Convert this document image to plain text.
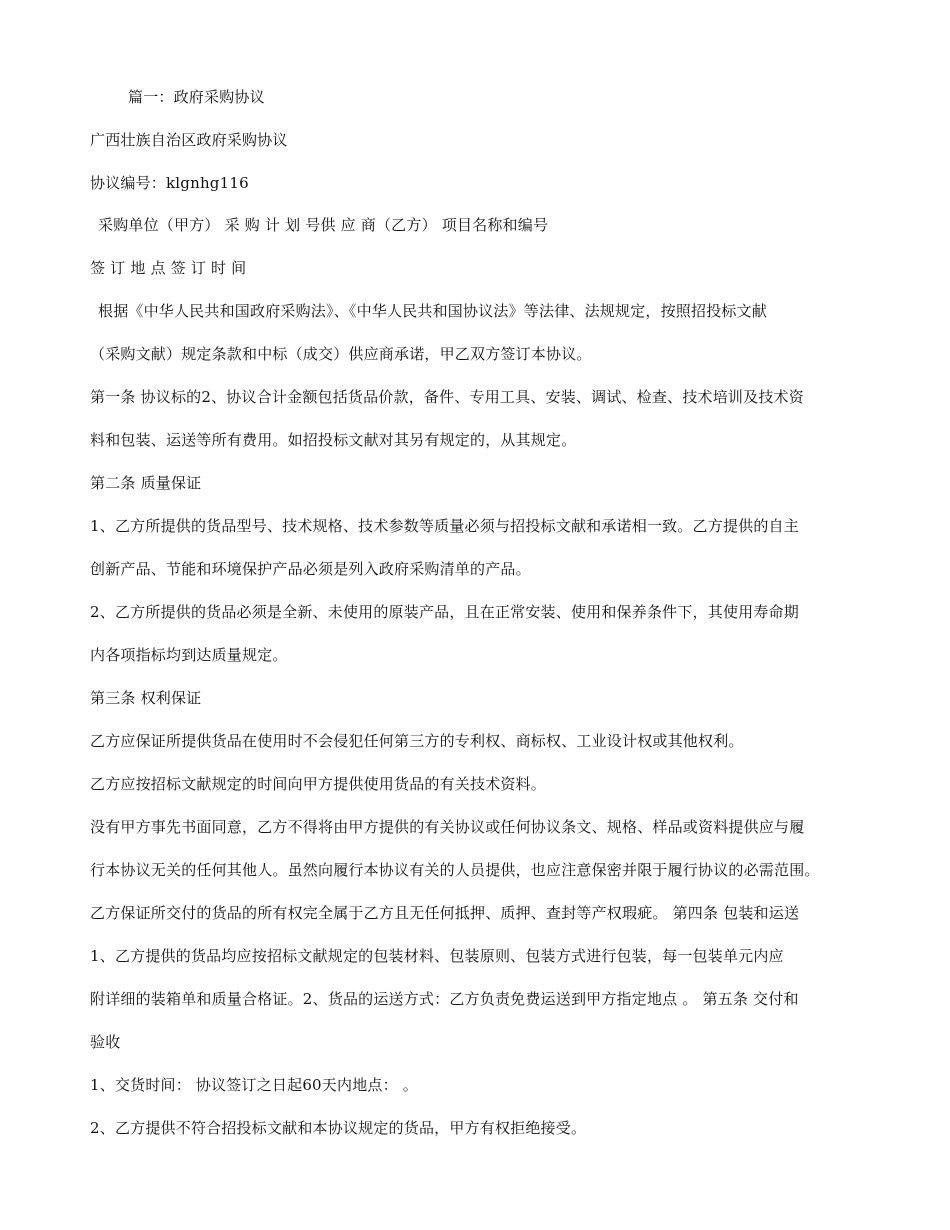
篇一：政府采购协议
广西壮族自治区政府采购协议
协议编号：klgnhg116
采购单位（甲方） 采 购 计 划 号供 应 商（乙方） 项目名称和编号
签 订 地 点 签 订 时 间
根据《中华人民共和国政府采购法》、《中华人民共和国协议法》等法律、法规规定，按照招投标文献
（采购文献）规定条款和中标（成交）供应商承诺，甲乙双方签订本协议。
第一条 协议标的2、协议合计金额包括货品价款，备件、专用工具、安装、调试、检查、技术培训及技术资
料和包装、运送等所有费用。如招投标文献对其另有规定的，从其规定。
第二条 质量保证
1、乙方所提供的货品型号、技术规格、技术参数等质量必须与招投标文献和承诺相一致。乙方提供的自主
创新产品、节能和环境保护产品必须是列入政府采购清单的产品。
2、乙方所提供的货品必须是全新、未使用的原装产品，且在正常安装、使用和保养条件下，其使用寿命期
内各项指标均到达质量规定。
第三条 权利保证
乙方应保证所提供货品在使用时不会侵犯任何第三方的专利权、商标权、工业设计权或其他权利。
乙方应按招标文献规定的时间向甲方提供使用货品的有关技术资料。
没有甲方事先书面同意，乙方不得将由甲方提供的有关协议或任何协议条文、规格、样品或资料提供应与履
行本协议无关的任何其他人。虽然向履行本协议有关的人员提供，也应注意保密并限于履行协议的必需范围。
乙方保证所交付的货品的所有权完全属于乙方且无任何抵押、质押、查封等产权瑕疵。 第四条 包装和运送
1、乙方提供的货品均应按招标文献规定的包装材料、包装原则、包装方式进行包装，每一包装单元内应
附详细的装箱单和质量合格证。2、货品的运送方式：乙方负责免费运送到甲方指定地点 。 第五条 交付和
验收
1、交货时间： 协议签订之日起60天内地点： 。
2、乙方提供不符合招投标文献和本协议规定的货品，甲方有权拒绝接受。
